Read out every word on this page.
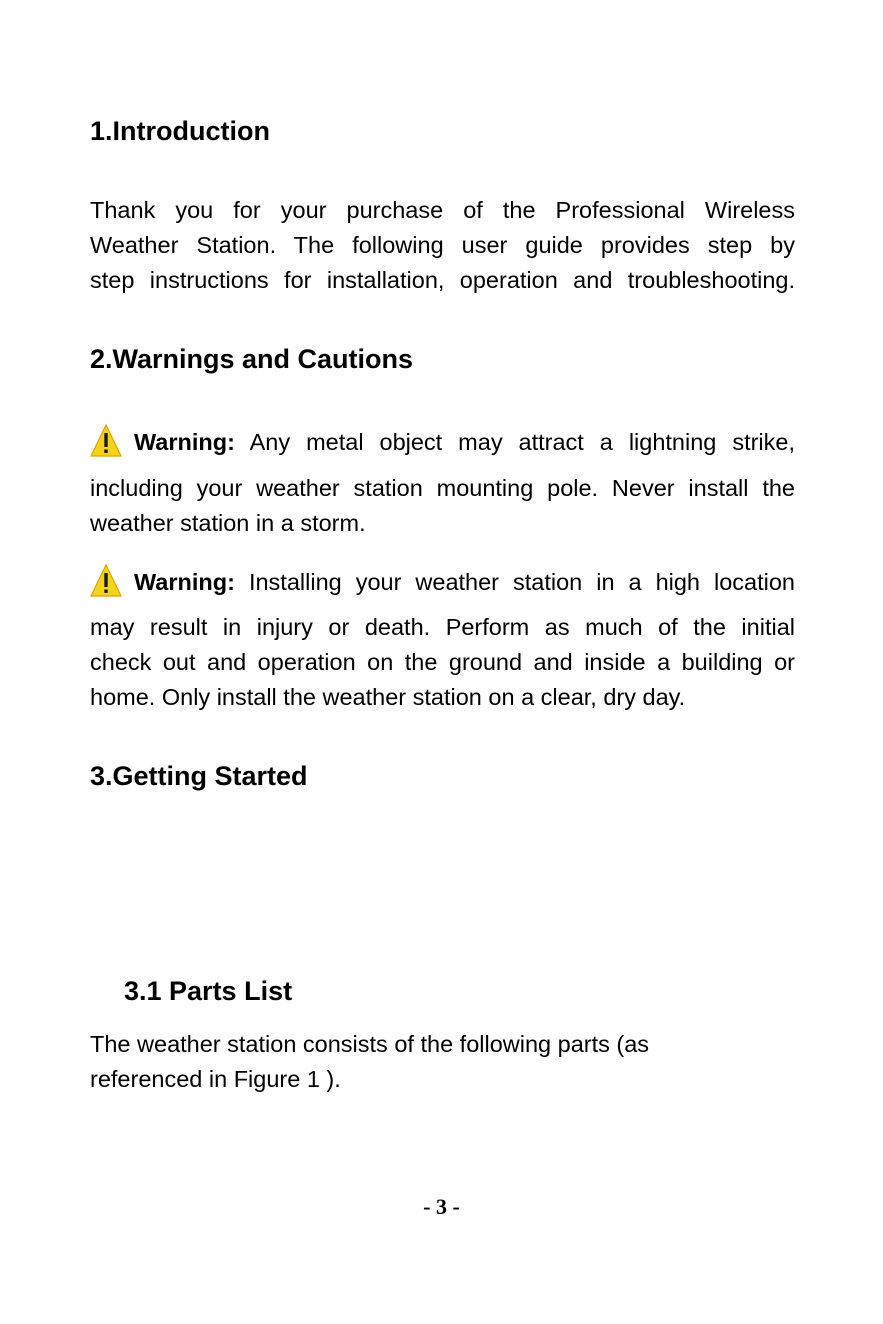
1.Introduction
Thank you for your purchase of the Professional Wireless
Weather Station. The following user guide provides step by
step instructions for installation, operation and troubleshooting.
2.Warnings and Cautions
Warning: Any metal object may attract a lightning strike,
including your weather station mounting pole. Never install the
weather station in a storm.
Warning: Installing your weather station in a high location
may result in injury or death. Perform as much of the initial
check out and operation on the ground and inside a building or
home. Only install the weather station on a clear, dry day.
3.Getting Started
3.1 Parts List
The weather station consists of the following parts (as
referenced in Figure 1 ).
- 3 -
